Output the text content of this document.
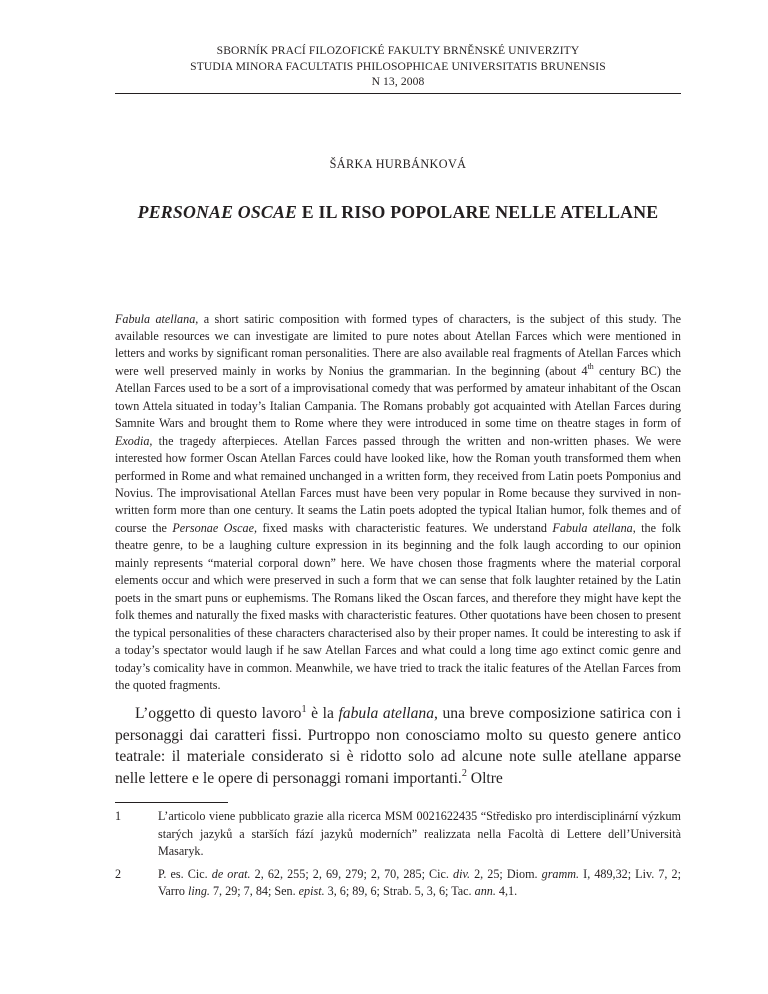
SBORNÍK PRACÍ FILOZOFICKÉ FAKULTY BRNĚNSKÉ UNIVERZITY
STUDIA MINORA FACULTATIS PHILOSOPHICAE UNIVERSITATIS BRUNENSIS
N 13, 2008
ŠÁRKA HURBÁNKOVÁ
PERSONAE OSCAE E IL RISO POPOLARE NELLE ATELLANE
Fabula atellana, a short satiric composition with formed types of characters, is the subject of this study. The available resources we can investigate are limited to pure notes about Atellan Farces which were mentioned in letters and works by significant roman personalities. There are also available real fragments of Atellan Farces which were well preserved mainly in works by Nonius the grammarian. In the beginning (about 4th century BC) the Atellan Farces used to be a sort of a improvisational comedy that was performed by amateur inhabitant of the Oscan town Attela situated in today’s Italian Campania. The Romans probably got acquainted with Atellan Farces during Samnite Wars and brought them to Rome where they were introduced in some time on theatre stages in form of Exodia, the tragedy afterpieces. Atellan Farces passed through the written and non-written phases. We were interested how former Oscan Atellan Farces could have looked like, how the Roman youth transformed them when performed in Rome and what remained unchanged in a written form, they received from Latin poets Pomponius and Novius. The improvisational Atellan Farces must have been very popular in Rome because they survived in non-written form more than one century. It seams the Latin poets adopted the typical Italian humor, folk themes and of course the Personae Oscae, fixed masks with characteristic features. We understand Fabula atellana, the folk theatre genre, to be a laughing culture expression in its beginning and the folk laugh according to our opinion mainly represents “material corporal down” here. We have chosen those fragments where the material corporal elements occur and which were preserved in such a form that we can sense that folk laughter retained by the Latin poets in the smart puns or euphemisms. The Romans liked the Oscan farces, and therefore they might have kept the folk themes and naturally the fixed masks with characteristic features. Other quotations have been chosen to present the typical personalities of these characters characterised also by their proper names. It could be interesting to ask if a today’s spectator would laugh if he saw Atellan Farces and what could a long time ago extinct comic genre and today’s comicality have in common. Meanwhile, we have tried to track the italic features of the Atellan Farces from the quoted fragments.
L’oggetto di questo lavoro$^1$ è la fabula atellana, una breve composizione satirica con i personaggi dai caratteri fissi. Purtroppo non conosciamo molto su questo genere antico teatrale: il materiale considerato si è ridotto solo ad alcune note sulle atellane apparse nelle lettere e le opere di personaggi romani importanti.$^2$ Oltre
1	L’articolo viene pubblicato grazie alla ricerca MSM 0021622435 “Středisko pro interdisciplinární výzkum starých jazyků a starších fází jazyků moderních” realizzata nella Facoltà di Lettere dell’Università Masaryk.
2	P. es. Cic. de orat. 2, 62, 255; 2, 69, 279; 2, 70, 285; Cic. div. 2, 25; Diom. gramm. I, 489,32; Liv. 7, 2; Varro ling. 7, 29; 7, 84; Sen. epist. 3, 6; 89, 6; Strab. 5, 3, 6; Tac. ann. 4,1.
